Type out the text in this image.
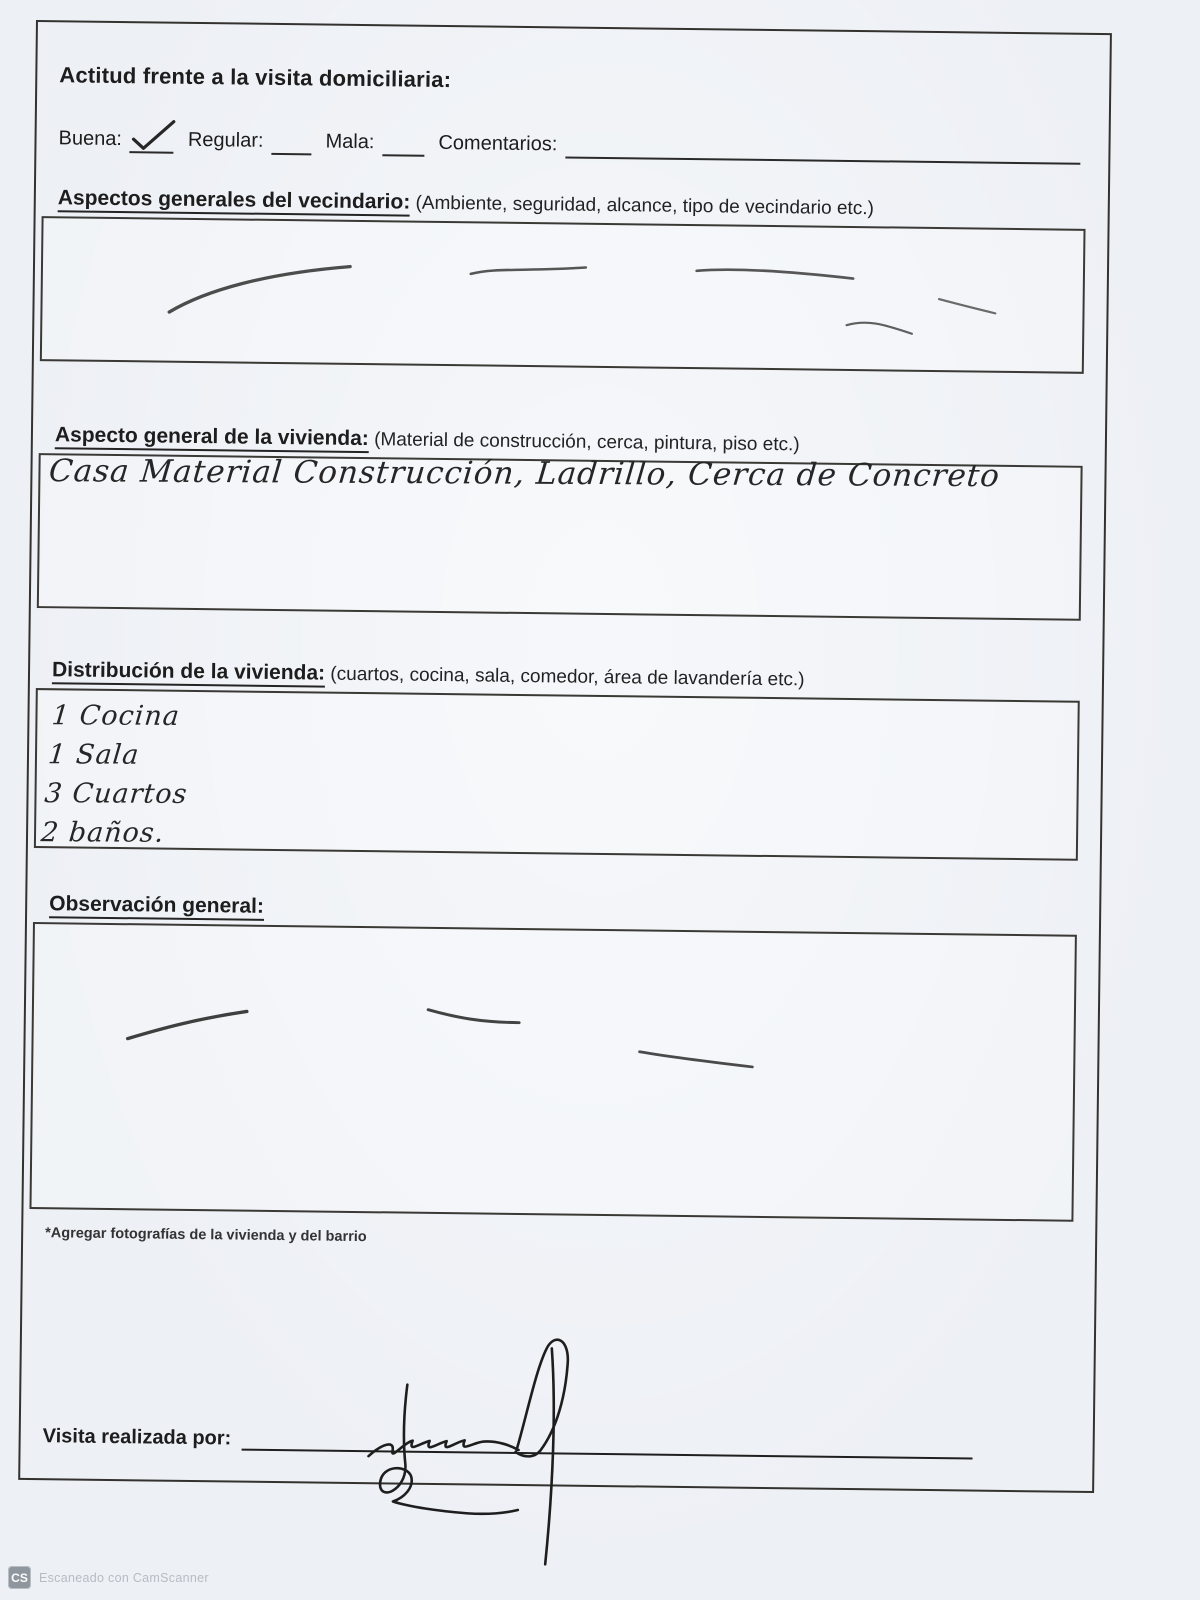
Actitud frente a la visita domiciliaria:
Buena:	Regular:	Mala:	Comentarios:
Aspectos generales del vecindario: (Ambiente, seguridad, alcance, tipo de vecindario etc.)
Aspecto general de la vivienda: (Material de construcción, cerca, pintura, piso etc.)
Casa Material Construcción, Ladrillo, Cerca de Concreto
Distribución de la vivienda: (cuartos, cocina, sala, comedor, área de lavandería etc.)
1 Cocina
1 Sala
3 Cuartos
2 baños.
Observación general:
*Agregar fotografías de la vivienda y del barrio
Visita realizada por:
CS Escaneado con CamScanner
